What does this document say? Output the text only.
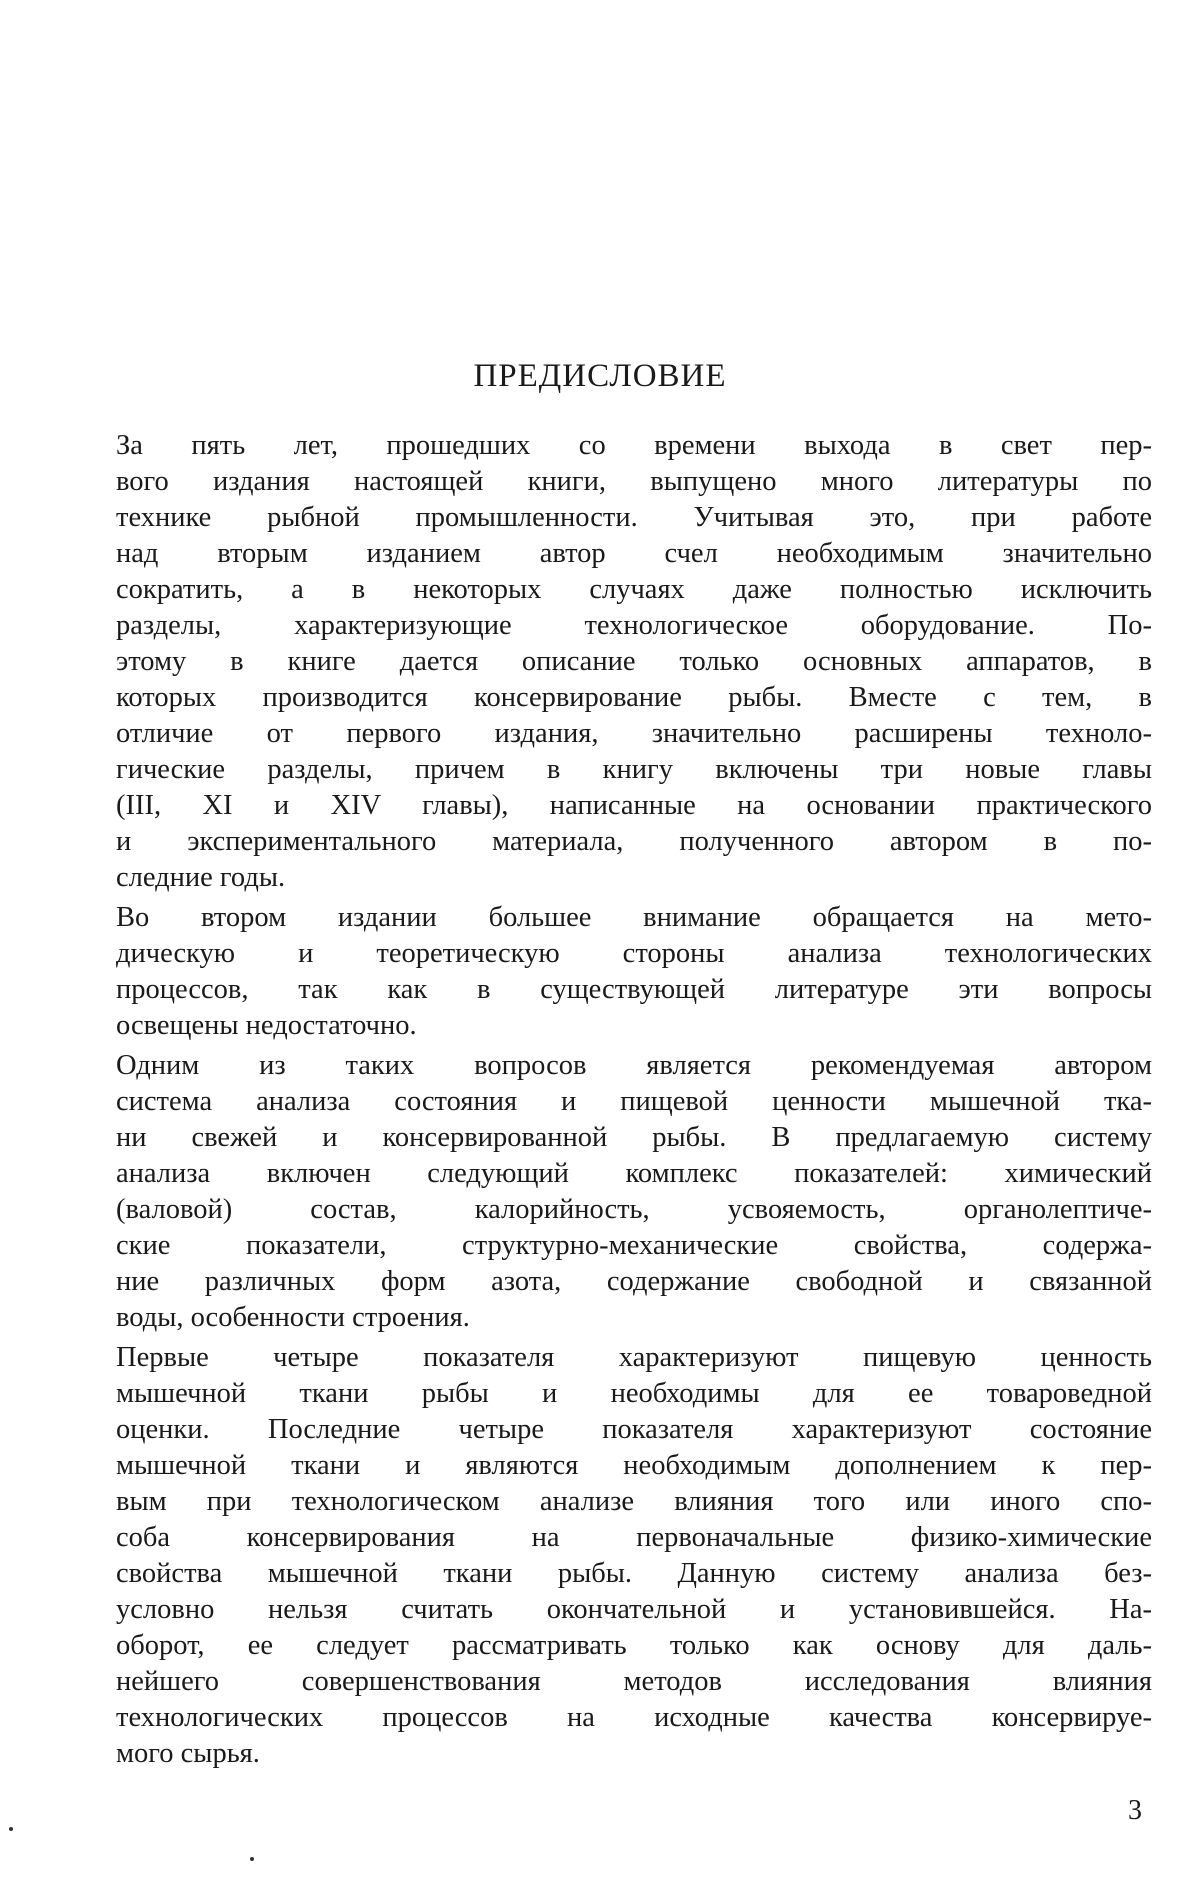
ПРЕДИСЛОВИЕ
За пять лет, прошедших со времени выхода в свет пер-
вого издания настоящей книги, выпущено много литературы по
технике рыбной промышленности. Учитывая это, при работе
над вторым изданием автор счел необходимым значительно
сократить, а в некоторых случаях даже полностью исключить
разделы, характеризующие технологическое оборудование. По-
этому в книге дается описание только основных аппаратов, в
которых производится консервирование рыбы. Вместе с тем, в
отличие от первого издания, значительно расширены техноло-
гические разделы, причем в книгу включены три новые главы
(III, XI и XIV главы), написанные на основании практического
и экспериментального материала, полученного автором в по-
следние годы.
Во втором издании большее внимание обращается на мето-
дическую и теоретическую стороны анализа технологических
процессов, так как в существующей литературе эти вопросы
освещены недостаточно.
Одним из таких вопросов является рекомендуемая автором
система анализа состояния и пищевой ценности мышечной тка-
ни свежей и консервированной рыбы. В предлагаемую систему
анализа включен следующий комплекс показателей: химический
(валовой) состав, калорийность, усвояемость, органолептиче-
ские показатели, структурно-механические свойства, содержа-
ние различных форм азота, содержание свободной и связанной
воды, особенности строения.
Первые четыре показателя характеризуют пищевую ценность
мышечной ткани рыбы и необходимы для ее товароведной
оценки. Последние четыре показателя характеризуют состояние
мышечной ткани и являются необходимым дополнением к пер-
вым при технологическом анализе влияния того или иного спо-
соба консервирования на первоначальные физико-химические
свойства мышечной ткани рыбы. Данную систему анализа без-
условно нельзя считать окончательной и установившейся. На-
оборот, ее следует рассматривать только как основу для даль-
нейшего совершенствования методов исследования влияния
технологических процессов на исходные качества консервируе-
мого сырья.
3
